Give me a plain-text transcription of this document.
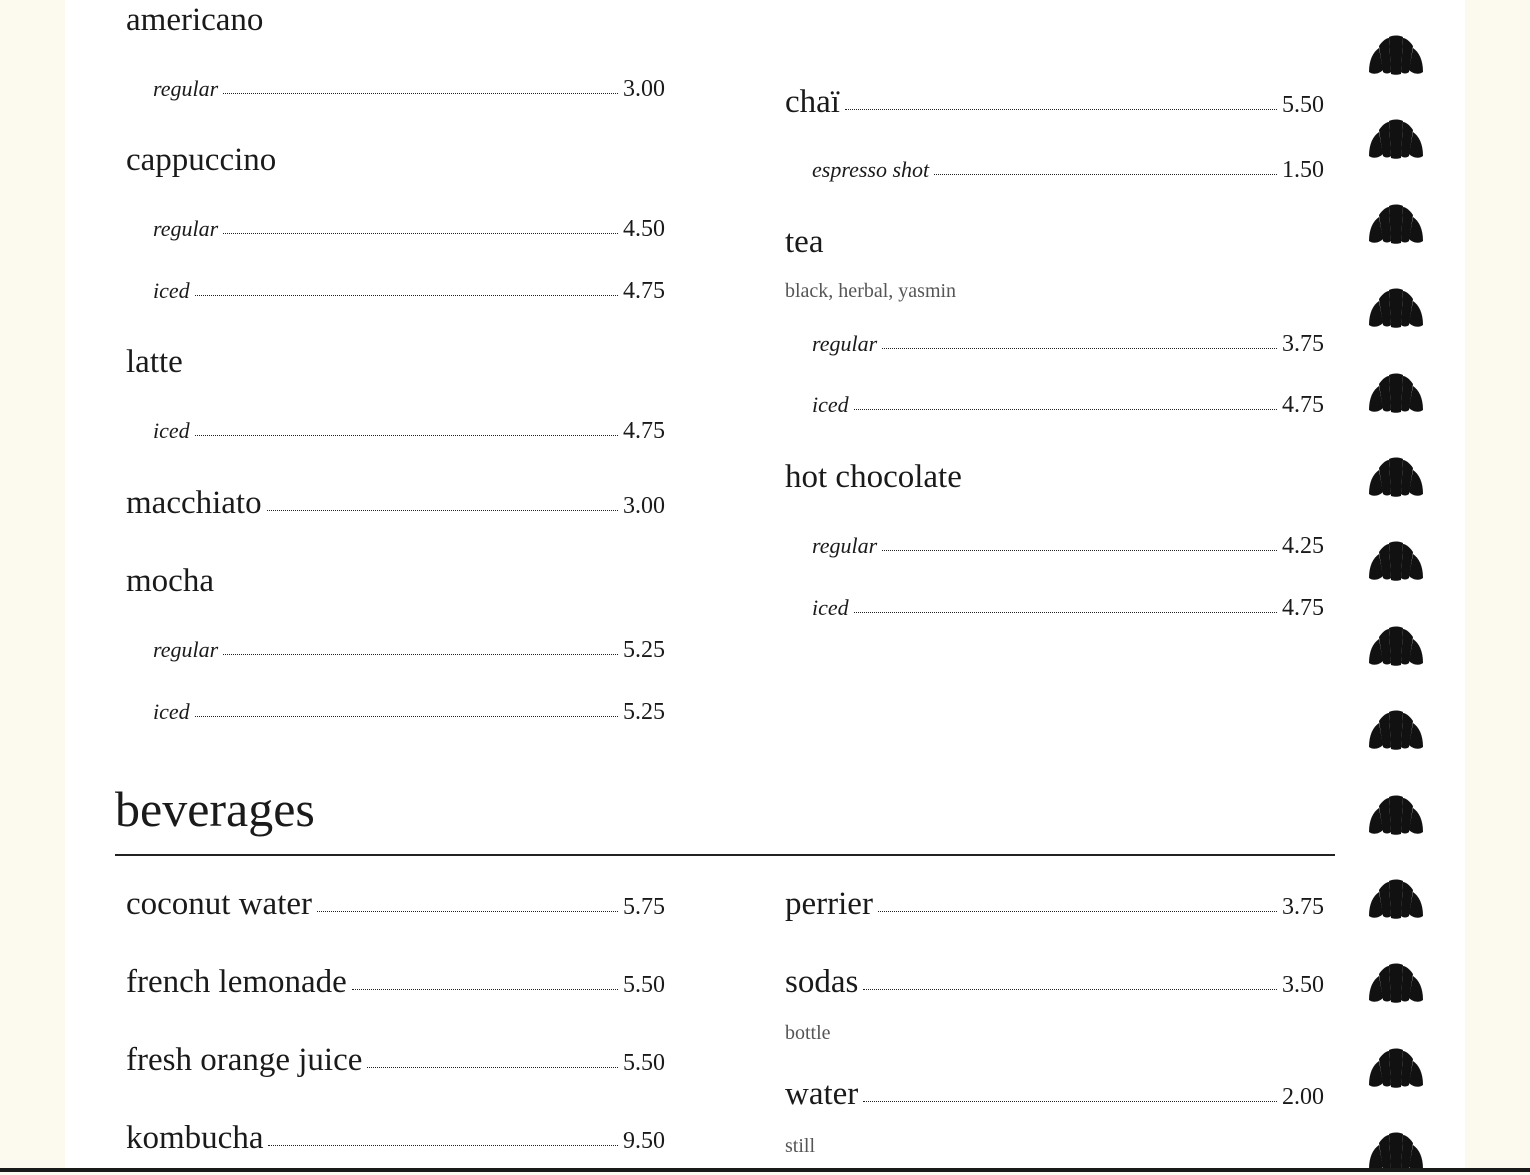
americano
regular	3.00
cappuccino
regular	4.50
iced	4.75
latte
iced	4.75
macchiato	3.00
mocha
regular	5.25
iced	5.25
chaï	5.50
espresso shot	1.50
tea
black, herbal, yasmin
regular	3.75
iced	4.75
hot chocolate
regular	4.25
iced	4.75
beverages
coconut water	5.75
french lemonade	5.50
fresh orange juice	5.50
kombucha	9.50
perrier	3.75
sodas	3.50
bottle
water	2.00
still
